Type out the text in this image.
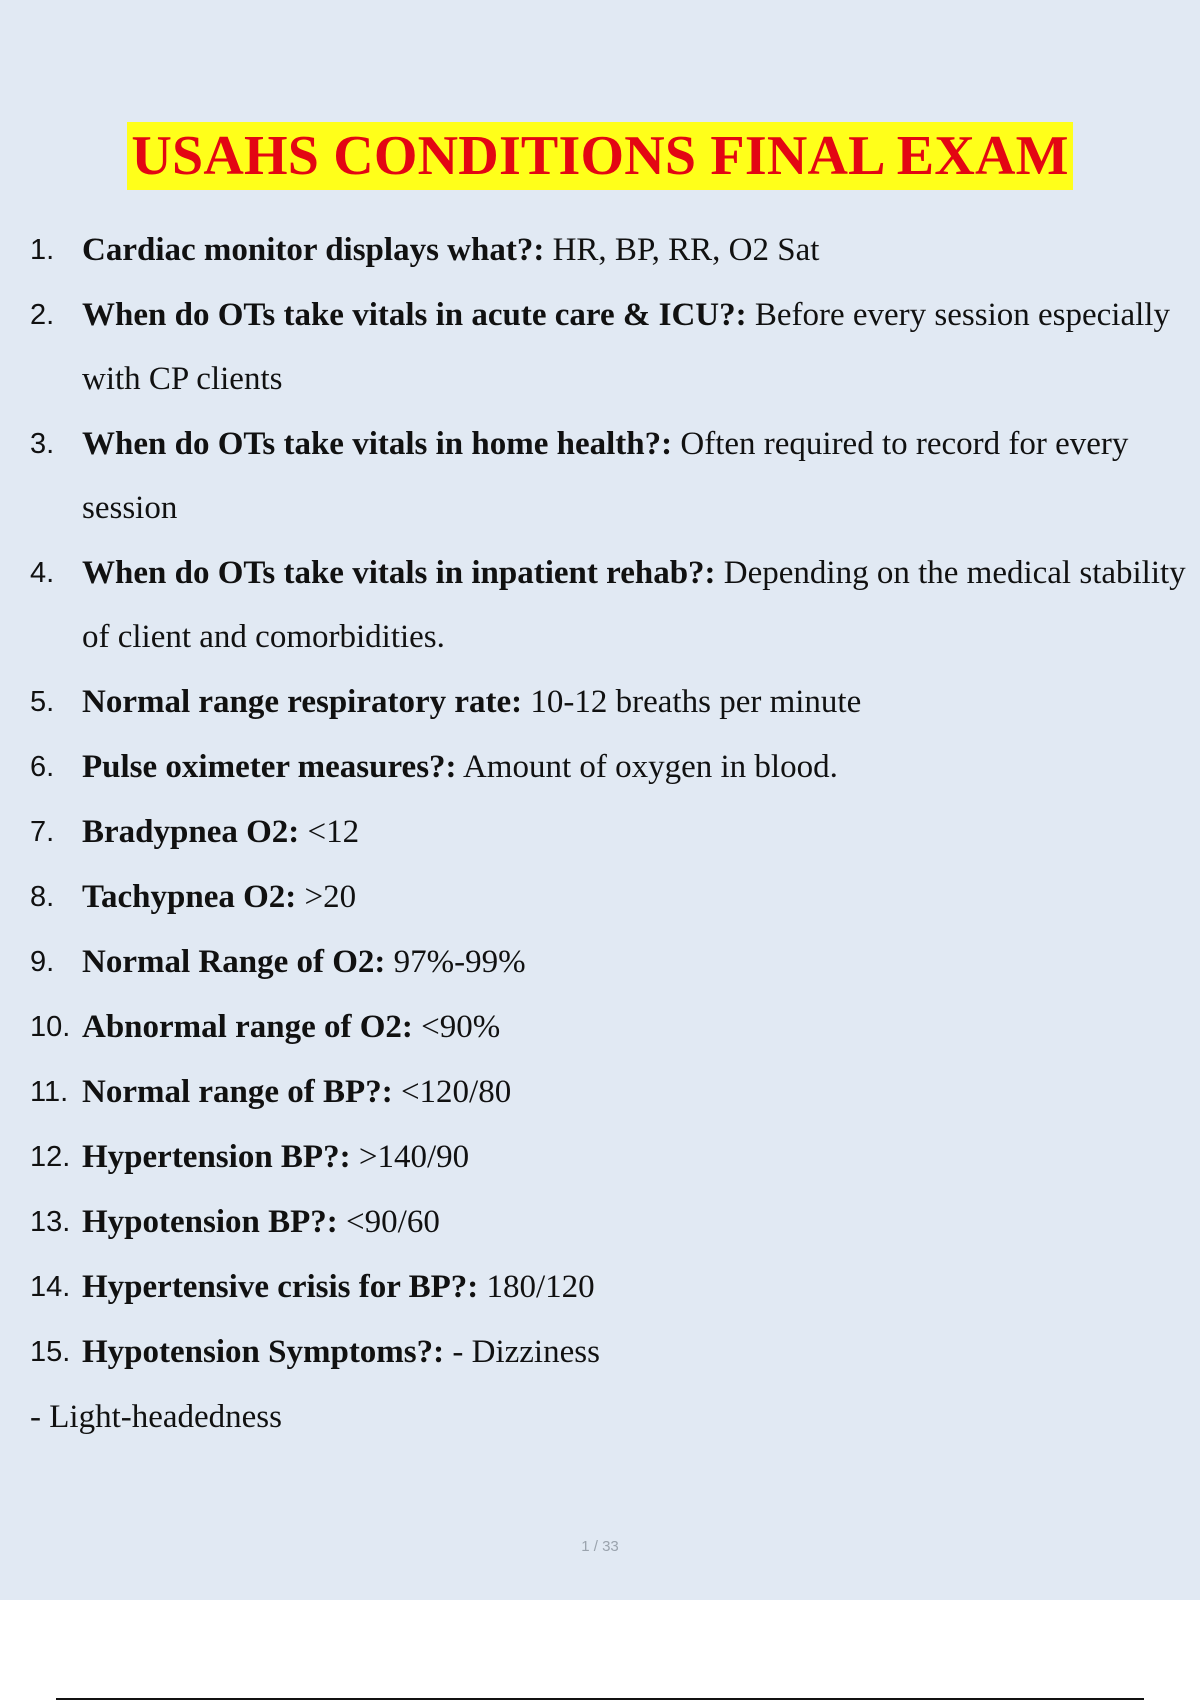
USAHS CONDITIONS FINAL EXAM
1. Cardiac monitor displays what?: HR, BP, RR, O2 Sat
2. When do OTs take vitals in acute care & ICU?: Before every session especially with CP clients
3. When do OTs take vitals in home health?: Often required to record for every session
4. When do OTs take vitals in inpatient rehab?: Depending on the medical stability of client and comorbidities.
5. Normal range respiratory rate: 10-12 breaths per minute
6. Pulse oximeter measures?: Amount of oxygen in blood.
7. Bradypnea O2: <12
8. Tachypnea O2: >20
9. Normal Range of O2: 97%-99%
10. Abnormal range of O2: <90%
11. Normal range of BP?: <120/80
12. Hypertension BP?: >140/90
13. Hypotension BP?: <90/60
14. Hypertensive crisis for BP?: 180/120
15. Hypotension Symptoms?: - Dizziness
- Light-headedness
1 / 33
